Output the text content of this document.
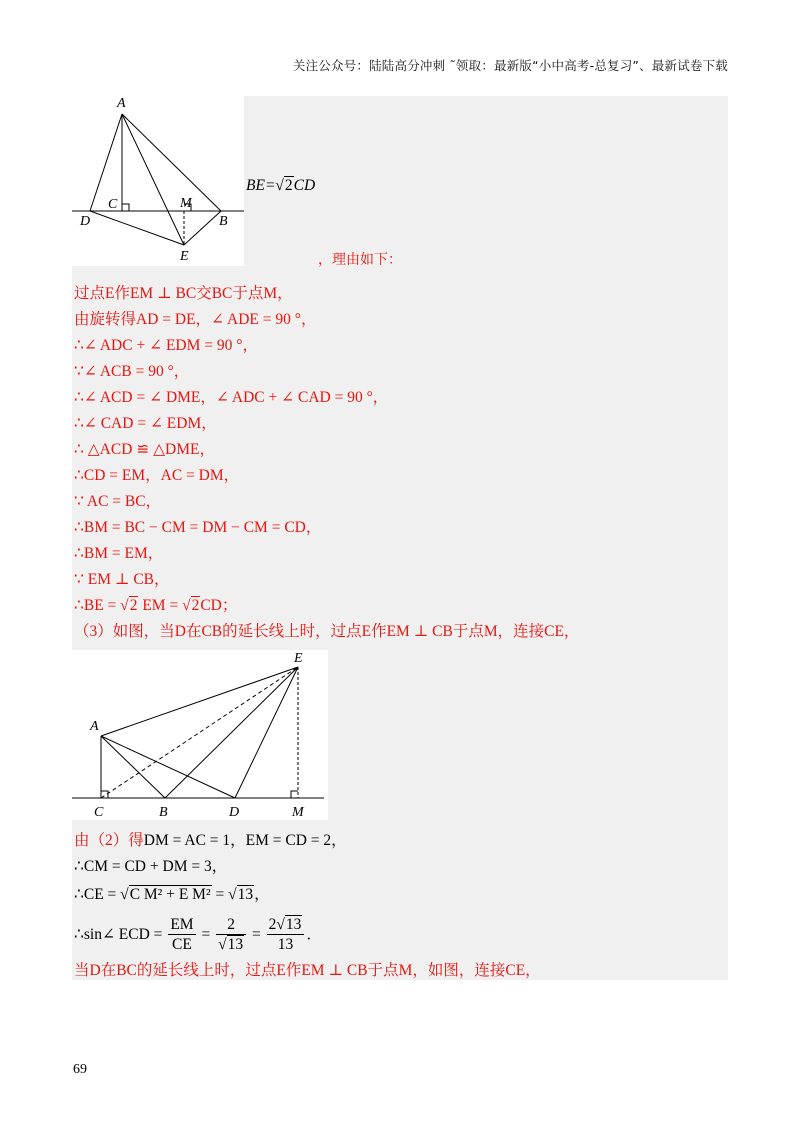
关注公众号：陆陆高分冲刺 ˜领取：最新版“小中高考-总复习”、最新试卷下载
A
C	M
B
D
E
BE=√2CD
，理由如下：
过点E作EM ⊥ BC交BC于点M，
由旋转得AD = DE，∠ ADE = 90 °，
∴∠ ADC + ∠ EDM = 90 °，
∵∠ ACB = 90 °，
∴∠ ACD = ∠ DME，∠ ADC + ∠ CAD = 90 °，
∴∠ CAD = ∠ EDM，
∴ △ACD ≌ △DME，
∴CD = EM，AC = DM，
∵ AC = BC，
∴BM = BC − CM = DM − CM = CD，
∴BM = EM，
∵ EM ⊥ CB，
∴BE = √2 EM = √2CD；
（3）如图，当D在CB的延长线上时，过点E作EM ⊥ CB于点M，连接CE，
E
A
C	B	D	M
由（2）得DM = AC = 1，EM = CD = 2，
∴CM = CD + DM = 3，
∴CE = √C M² + E M² = √13，
∴sin∠ ECD = $\frac{EM}{CE} = \frac{2}{√13} = \frac{2√13}{13}$ ．
当D在BC的延长线上时，过点E作EM ⊥ CB于点M，如图，连接CE，
69
